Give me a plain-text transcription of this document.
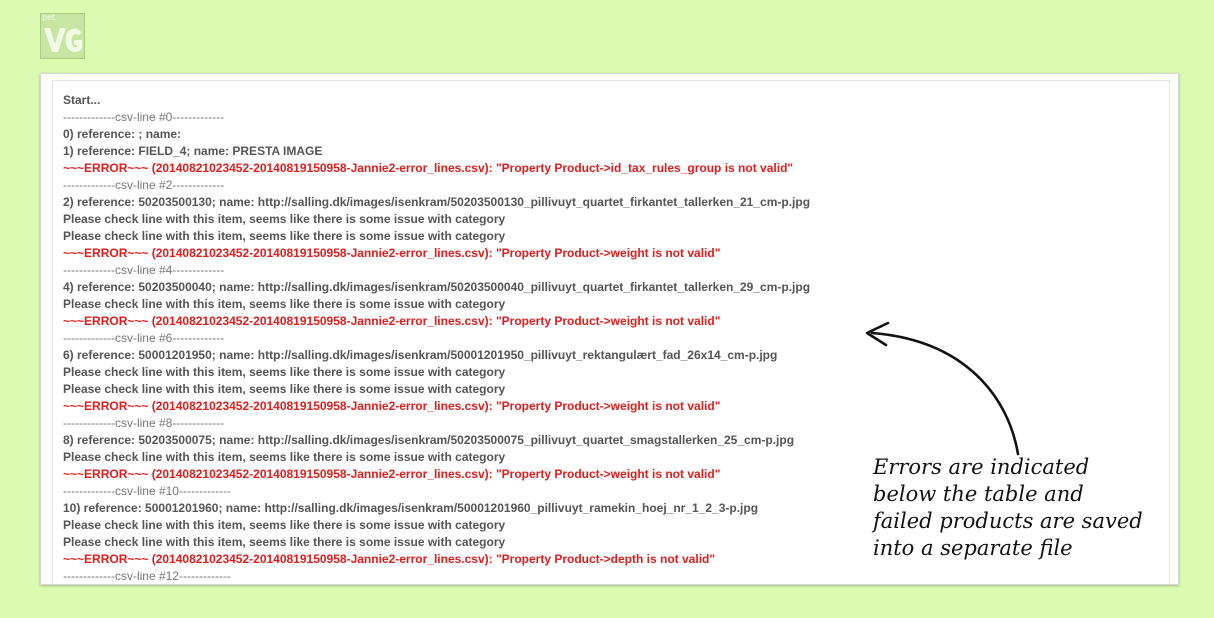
pet
Start...
-------------csv-line #0-------------
0) reference: ; name:
1) reference: FIELD_4; name: PRESTA IMAGE
~~~ERROR~~~ (20140821023452-20140819150958-Jannie2-error_lines.csv): "Property Product->id_tax_rules_group is not valid"
-------------csv-line #2-------------
2) reference: 50203500130; name: http://salling.dk/images/isenkram/50203500130_pillivuyt_quartet_firkantet_tallerken_21_cm-p.jpg
Please check line with this item, seems like there is some issue with category
Please check line with this item, seems like there is some issue with category
~~~ERROR~~~ (20140821023452-20140819150958-Jannie2-error_lines.csv): "Property Product->weight is not valid"
-------------csv-line #4-------------
4) reference: 50203500040; name: http://salling.dk/images/isenkram/50203500040_pillivuyt_quartet_firkantet_tallerken_29_cm-p.jpg
Please check line with this item, seems like there is some issue with category
~~~ERROR~~~ (20140821023452-20140819150958-Jannie2-error_lines.csv): "Property Product->weight is not valid"
-------------csv-line #6-------------
6) reference: 50001201950; name: http://salling.dk/images/isenkram/50001201950_pillivuyt_rektangulært_fad_26x14_cm-p.jpg
Please check line with this item, seems like there is some issue with category
Please check line with this item, seems like there is some issue with category
~~~ERROR~~~ (20140821023452-20140819150958-Jannie2-error_lines.csv): "Property Product->weight is not valid"
-------------csv-line #8-------------
8) reference: 50203500075; name: http://salling.dk/images/isenkram/50203500075_pillivuyt_quartet_smagstallerken_25_cm-p.jpg
Please check line with this item, seems like there is some issue with category
~~~ERROR~~~ (20140821023452-20140819150958-Jannie2-error_lines.csv): "Property Product->weight is not valid"
-------------csv-line #10-------------
10) reference: 50001201960; name: http://salling.dk/images/isenkram/50001201960_pillivuyt_ramekin_hoej_nr_1_2_3-p.jpg
Please check line with this item, seems like there is some issue with category
Please check line with this item, seems like there is some issue with category
~~~ERROR~~~ (20140821023452-20140819150958-Jannie2-error_lines.csv): "Property Product->depth is not valid"
-------------csv-line #12-------------
Errors are indicated
below the table and
failed products are saved
into a separate file
